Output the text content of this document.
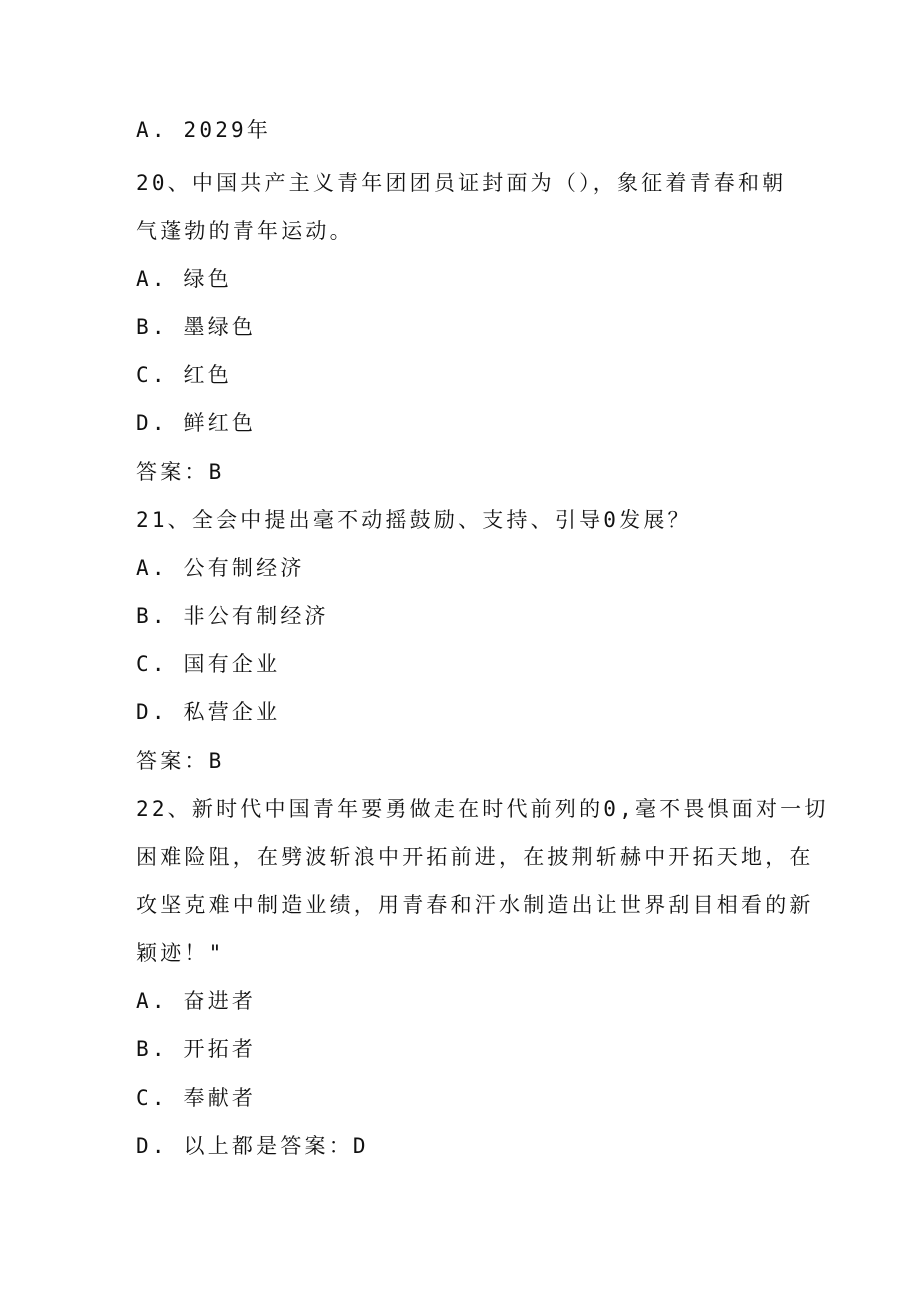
A. 2029年
20、中国共产主义青年团团员证封面为（），象征着青春和朝
气蓬勃的青年运动。
A. 绿色
B. 墨绿色
C. 红色
D. 鲜红色
答案：B
21、全会中提出毫不动摇鼓励、支持、引导0发展？
A. 公有制经济
B. 非公有制经济
C. 国有企业
D. 私营企业
答案：B
22、新时代中国青年要勇做走在时代前列的0,毫不畏惧面对一切
困难险阻，在劈波斩浪中开拓前进，在披荆斩赫中开拓天地，在
攻坚克难中制造业绩，用青春和汗水制造出让世界刮目相看的新
颖迹！"
A. 奋进者
B. 开拓者
C. 奉献者
D. 以上都是答案：D
